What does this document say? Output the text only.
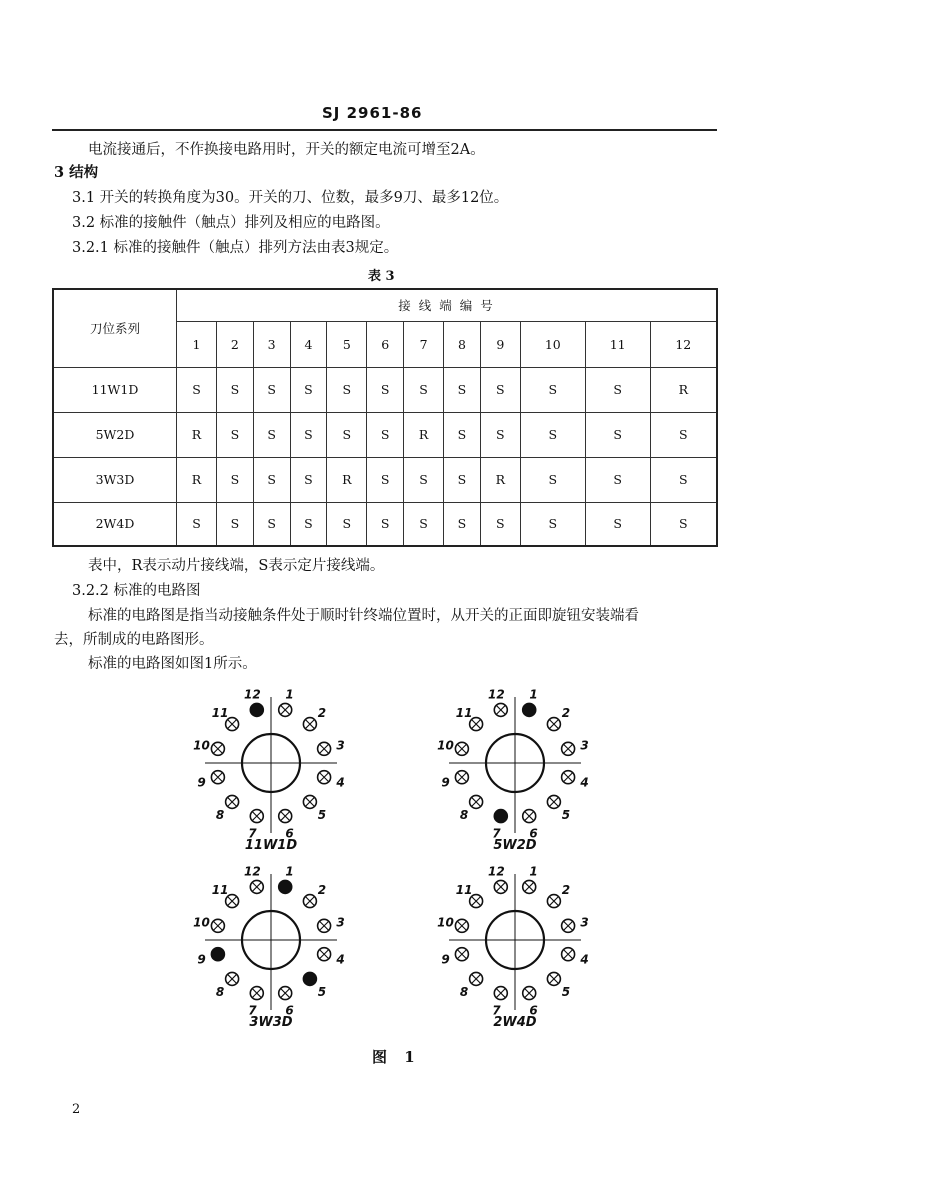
SJ 2961-86
电流接通后，不作换接电路用时，开关的额定电流可增至2A。
3 结构
3.1 开关的转换角度为30。开关的刀、位数，最多9刀、最多12位。
3.2 标准的接触件（触点）排列及相应的电路图。
3.2.1 标准的接触件（触点）排列方法由表3规定。
表 3
刀位系列	接 线 端 编 号											
	1	2	3	4	5	6	7	8	9	10	11	12
11W1D	S	S	S	S	S	S	S	S	S	S	S	R
5W2D	R	S	S	S	S	S	R	S	S	S	S	S
3W3D	R	S	S	S	R	S	S	S	R	S	S	S
2W4D	S	S	S	S	S	S	S	S	S	S	S	S
表中，R表示动片接线端，S表示定片接线端。
3.2.2 标准的电路图
标准的电路图是指当动接触条件处于顺时针终端位置时，从开关的正面即旋钮安装端看
去，所制成的电路图形。
标准的电路图如图1所示。
1
2
3
4
5
6
7
8
9
10
11
12
11W1D
1
2
3
4
5
6
7
8
9
10
11
12
5W2D
1
2
3
4
5
6
7
8
9
10
11
12
3W3D
1
2
3
4
5
6
7
8
9
10
11
12
2W4D
图 1
2
